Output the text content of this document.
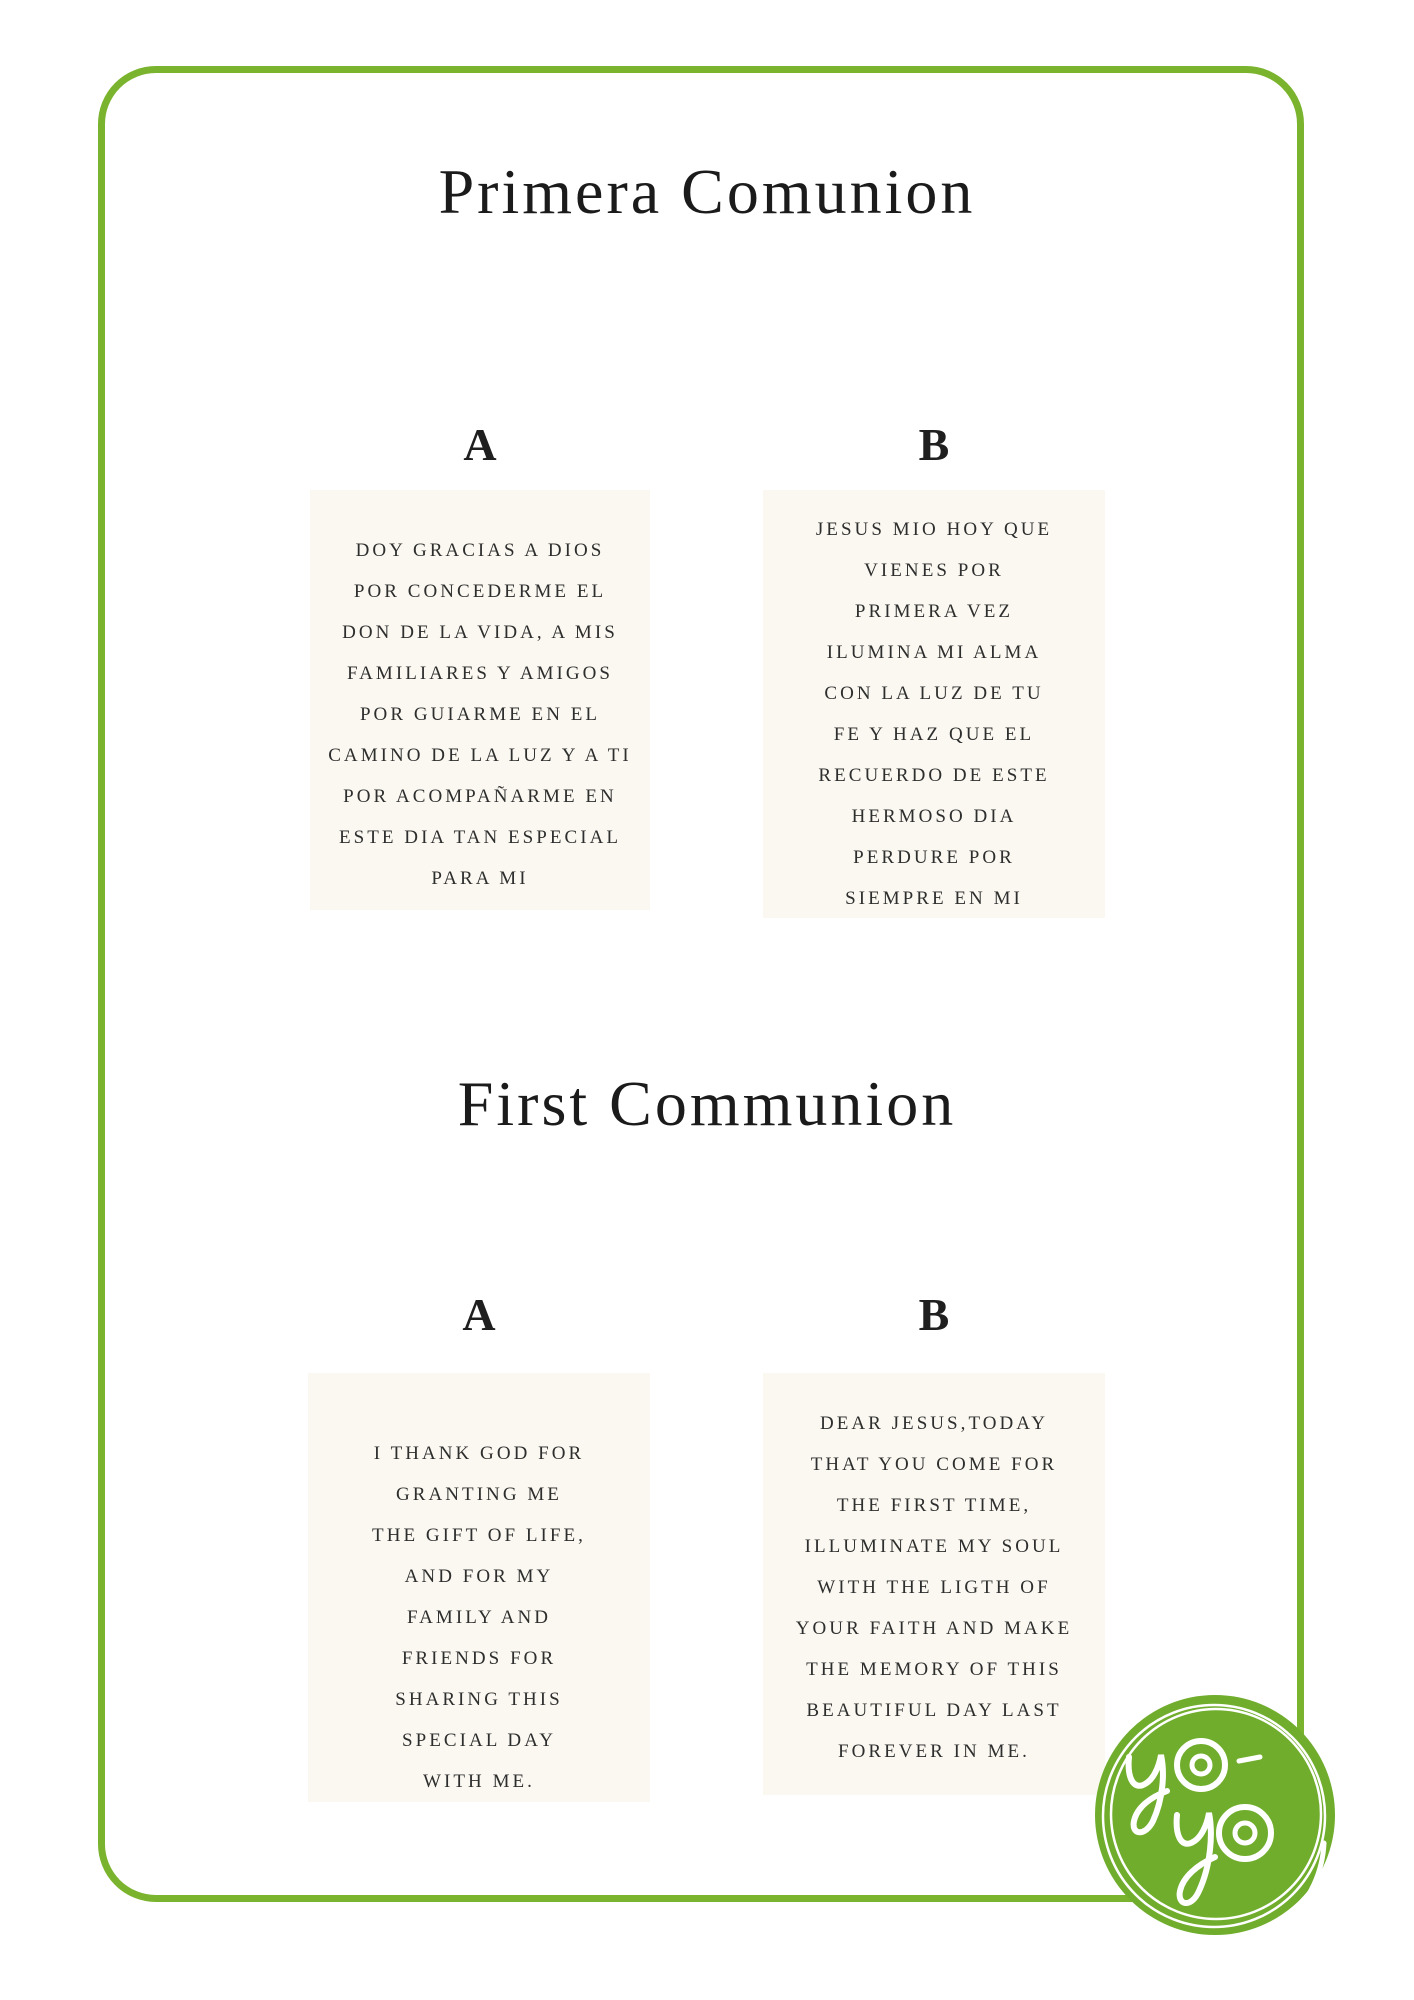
Primera Comunion
A	B
DOY GRACIAS A DIOS
POR CONCEDERME EL
DON DE LA VIDA, A MIS
FAMILIARES Y AMIGOS
POR GUIARME EN EL
CAMINO DE LA LUZ Y A TI
POR ACOMPAÑARME EN
ESTE DIA TAN ESPECIAL
PARA MI
JESUS MIO HOY QUE
VIENES POR
PRIMERA VEZ
ILUMINA MI ALMA
CON LA LUZ DE TU
FE Y HAZ QUE EL
RECUERDO DE ESTE
HERMOSO DIA
PERDURE POR
SIEMPRE EN MI
First Communion
A	B
I THANK GOD FOR
GRANTING ME
THE GIFT OF LIFE,
AND FOR MY
FAMILY AND
FRIENDS FOR
SHARING THIS
SPECIAL DAY
WITH ME.
DEAR JESUS,TODAY
THAT YOU COME FOR
THE FIRST TIME,
ILLUMINATE MY SOUL
WITH THE LIGTH OF
YOUR FAITH AND MAKE
THE MEMORY OF THIS
BEAUTIFUL DAY LAST
FOREVER IN ME.
